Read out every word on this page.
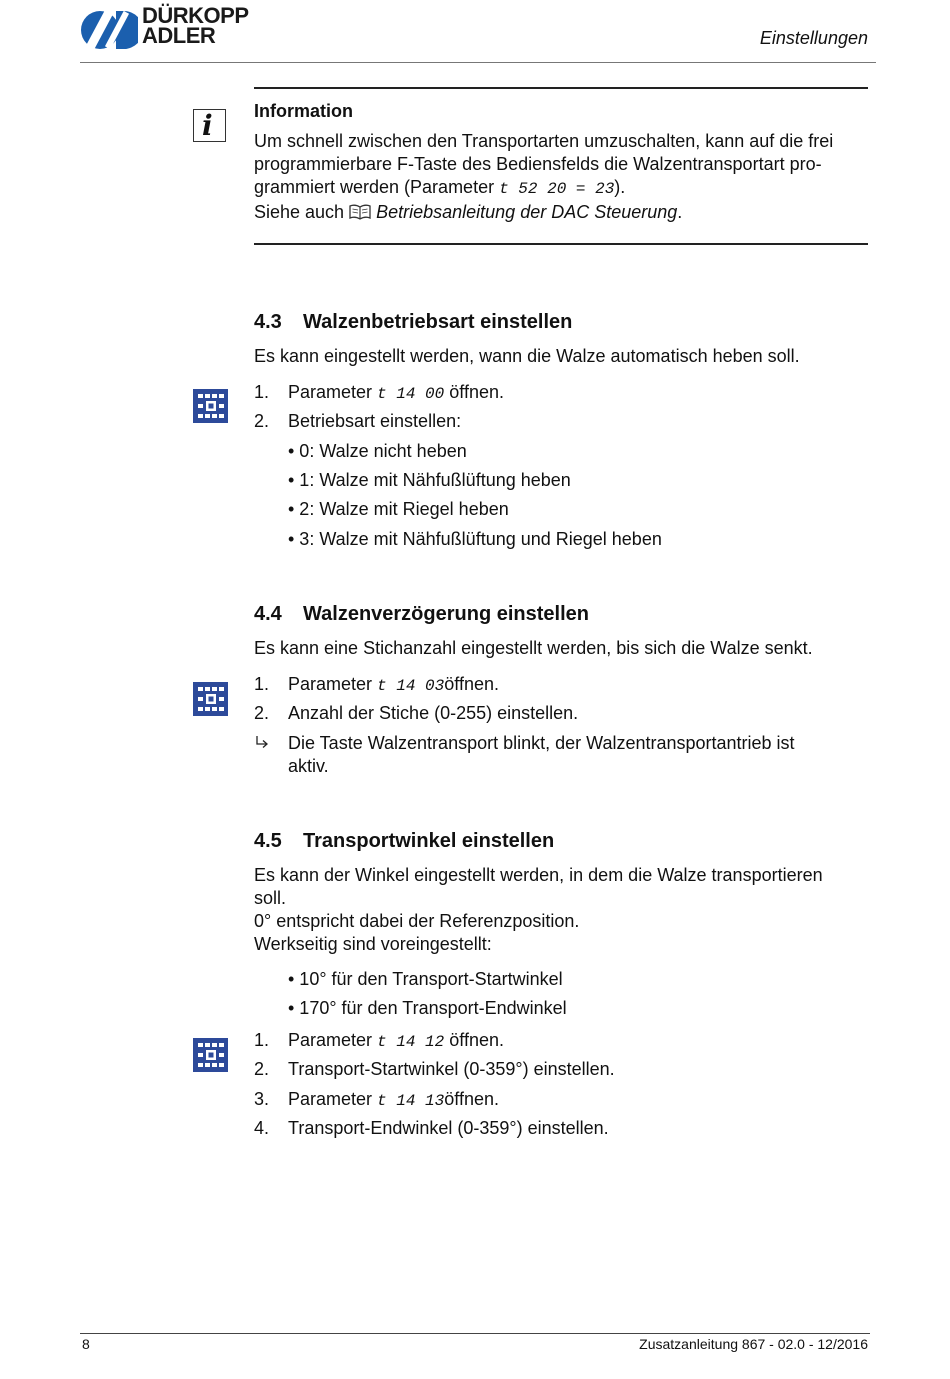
DÜRKOPP
ADLER	Einstellungen
i Information
Um schnell zwischen den Transportarten umzuschalten, kann auf die frei
programmierbare F-Taste des Bediensfelds die Walzentransportart pro-
grammiert werden (Parameter t 52 20 = 23).
Siehe auch  Betriebsanleitung der DAC Steuerung.
4.3 Walzenbetriebsart einstellen
Es kann eingestellt werden, wann die Walze automatisch heben soll.
1. Parameter t 14 00 öffnen.
2. Betriebsart einstellen:
• 0: Walze nicht heben
• 1: Walze mit Nähfußlüftung heben
• 2: Walze mit Riegel heben
• 3: Walze mit Nähfußlüftung und Riegel heben
4.4 Walzenverzögerung einstellen
Es kann eine Stichanzahl eingestellt werden, bis sich die Walze senkt.
1. Parameter t 14 03öffnen.
2. Anzahl der Stiche (0-255) einstellen.
Die Taste Walzentransport blinkt, der Walzentransportantrieb ist
aktiv.
4.5 Transportwinkel einstellen
Es kann der Winkel eingestellt werden, in dem die Walze transportieren
soll.
0° entspricht dabei der Referenzposition.
Werkseitig sind voreingestellt:
• 10° für den Transport-Startwinkel
• 170° für den Transport-Endwinkel
1. Parameter t 14 12 öffnen.
2. Transport-Startwinkel (0-359°) einstellen.
3. Parameter t 14 13öffnen.
4. Transport-Endwinkel (0-359°) einstellen.
8	Zusatzanleitung 867 - 02.0 - 12/2016
